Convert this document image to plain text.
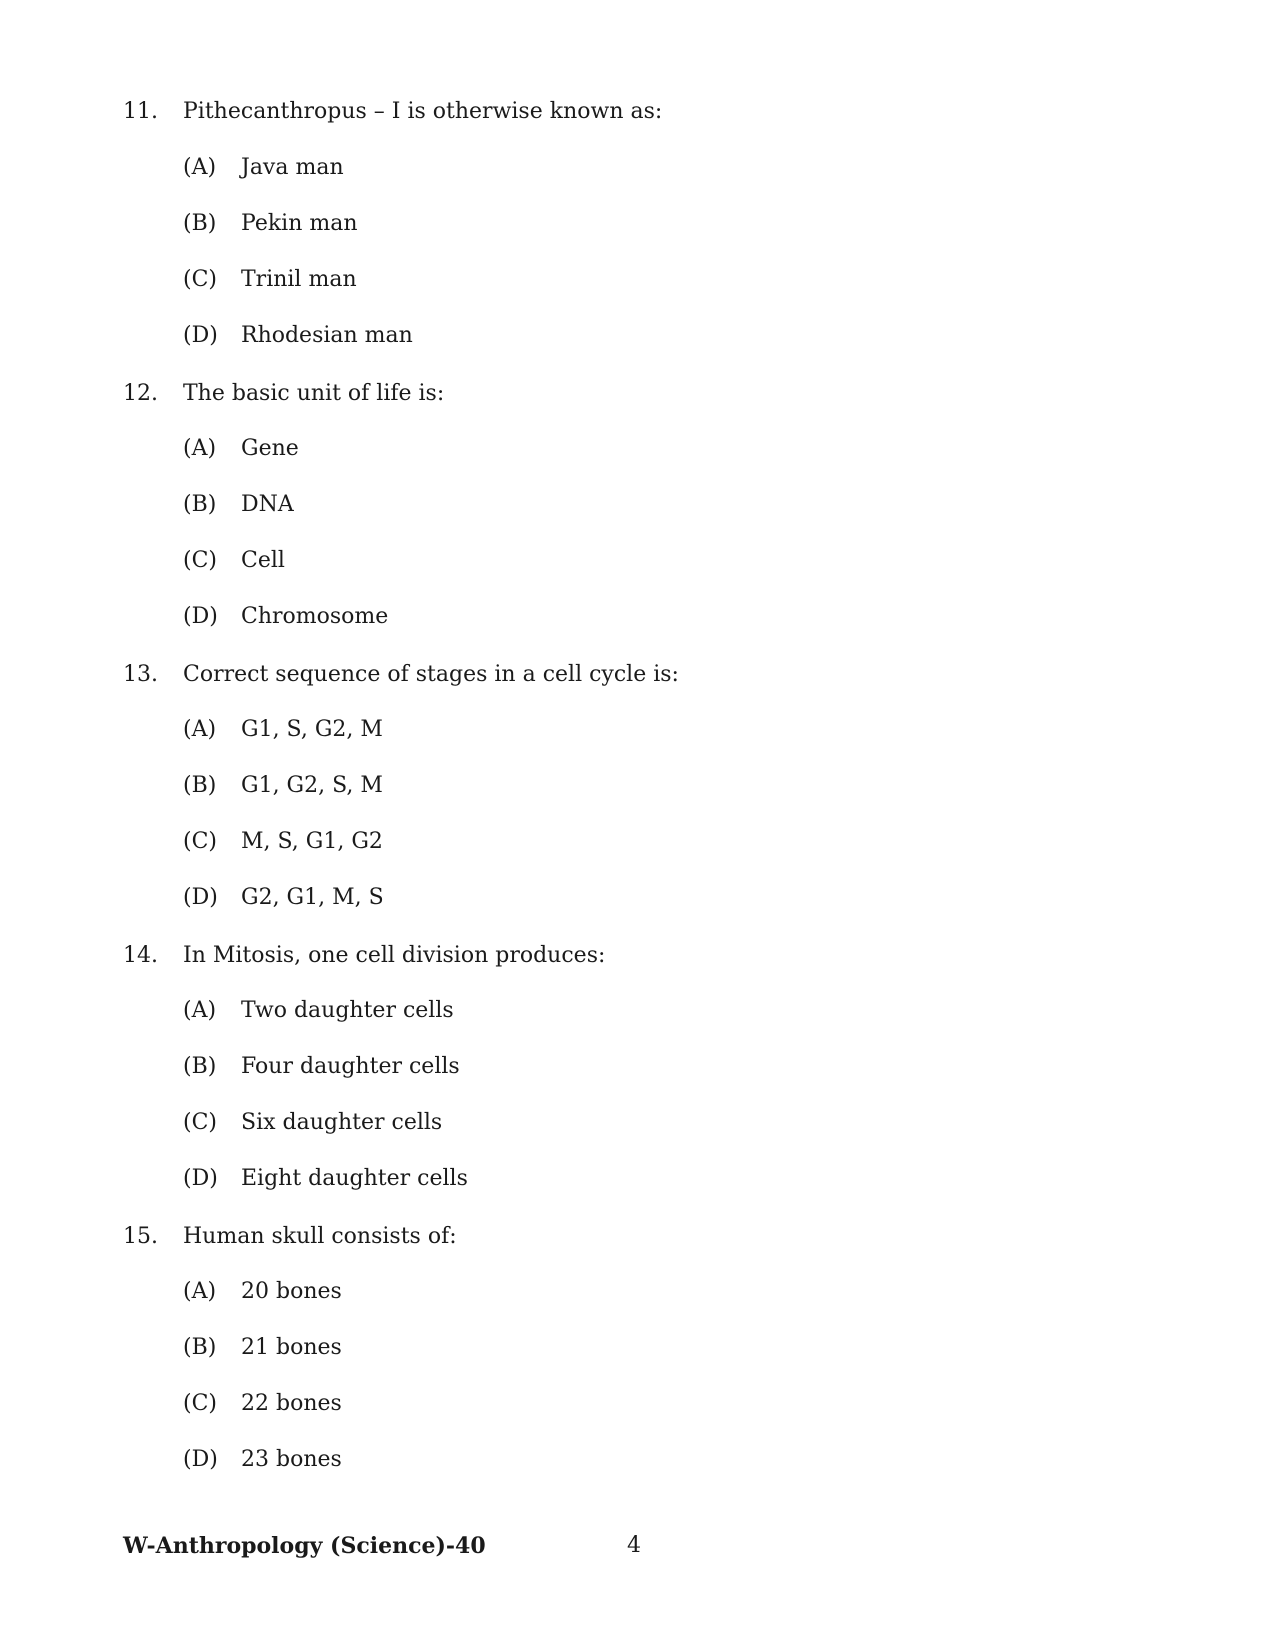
11. Pithecanthropus – I is otherwise known as:
(A) Java man
(B) Pekin man
(C) Trinil man
(D) Rhodesian man
12. The basic unit of life is:
(A) Gene
(B) DNA
(C) Cell
(D) Chromosome
13. Correct sequence of stages in a cell cycle is:
(A) G1, S, G2, M
(B) G1, G2, S, M
(C) M, S, G1, G2
(D) G2, G1, M, S
14. In Mitosis, one cell division produces:
(A) Two daughter cells
(B) Four daughter cells
(C) Six daughter cells
(D) Eight daughter cells
15. Human skull consists of:
(A) 20 bones
(B) 21 bones
(C) 22 bones
(D) 23 bones
W-Anthropology (Science)-40	4
